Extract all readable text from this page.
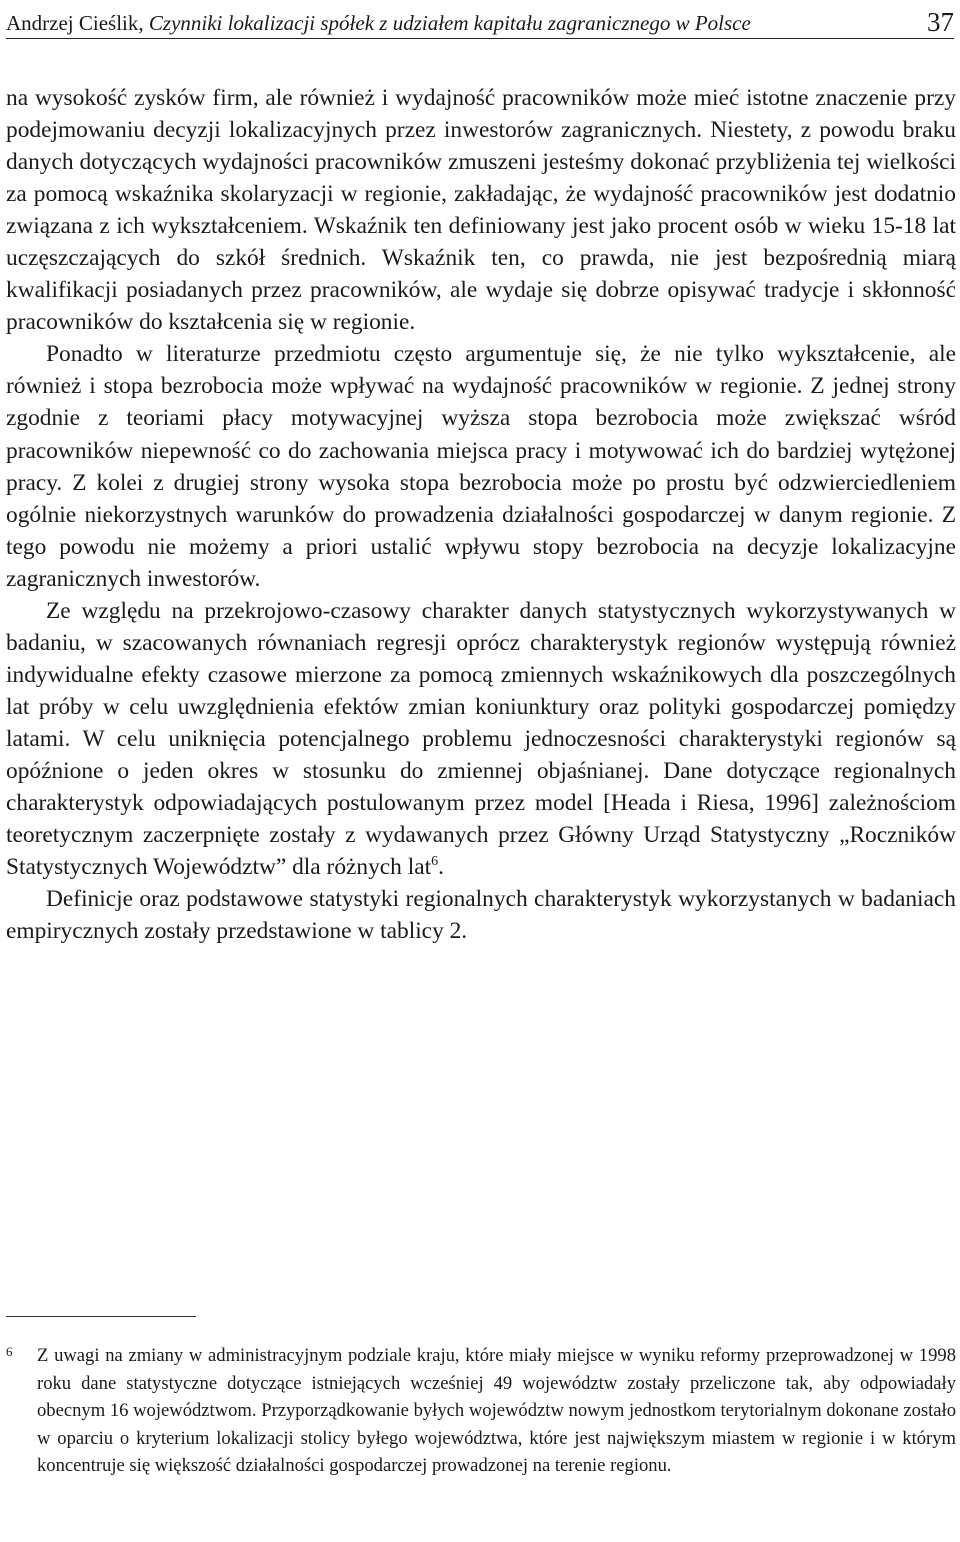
Andrzej Cieślik, Czynniki lokalizacji spółek z udziałem kapitału zagranicznego w Polsce	37

na wysokość zysków firm, ale również i wydajność pracowników może mieć istotne znaczenie przy podejmowaniu decyzji lokalizacyjnych przez inwestorów zagranicznych. Niestety, z powodu braku danych dotyczących wydajności pracowników zmuszeni jesteśmy dokonać przybliżenia tej wielkości za pomocą wskaźnika skolaryzacji w regionie, zakładając, że wydajność pracowników jest dodatnio związana z ich wykształceniem. Wskaźnik ten definiowany jest jako procent osób w wieku 15-18 lat uczęszczających do szkół średnich. Wskaźnik ten, co prawda, nie jest bezpośrednią miarą kwalifikacji posiadanych przez pracowników, ale wydaje się dobrze opisywać tradycje i skłonność pracowników do kształcenia się w regionie.

Ponadto w literaturze przedmiotu często argumentuje się, że nie tylko wykształcenie, ale również i stopa bezrobocia może wpływać na wydajność pracowników w regionie. Z jednej strony zgodnie z teoriami płacy motywacyjnej wyższa stopa bezrobocia może zwiększać wśród pracowników niepewność co do zachowania miejsca pracy i motywować ich do bardziej wytężonej pracy. Z kolei z drugiej strony wysoka stopa bezrobocia może po prostu być odzwierciedleniem ogólnie niekorzystnych warunków do prowadzenia działalności gospodarczej w danym regionie. Z tego powodu nie możemy a priori ustalić wpływu stopy bezrobocia na decyzje lokalizacyjne zagranicznych inwestorów.

Ze względu na przekrojowo-czasowy charakter danych statystycznych wykorzystywanych w badaniu, w szacowanych równaniach regresji oprócz charakterystyk regionów występują również indywidualne efekty czasowe mierzone za pomocą zmiennych wskaźnikowych dla poszczególnych lat próby w celu uwzględnienia efektów zmian koniunktury oraz polityki gospodarczej pomiędzy latami. W celu uniknięcia potencjalnego problemu jednoczesności charakterystyki regionów są opóźnione o jeden okres w stosunku do zmiennej objaśnianej. Dane dotyczące regionalnych charakterystyk odpowiadających postulowanym przez model [Heada i Riesa, 1996] zależnościom teoretycznym zaczerpnięte zostały z wydawanych przez Główny Urząd Statystyczny „Roczników Statystycznych Województw” dla różnych lat$^6$.

Definicje oraz podstawowe statystyki regionalnych charakterystyk wykorzystanych w badaniach empirycznych zostały przedstawione w tablicy 2.

6 Z uwagi na zmiany w administracyjnym podziale kraju, które miały miejsce w wyniku reformy przeprowadzonej w 1998 roku dane statystyczne dotyczące istniejących wcześniej 49 województw zostały przeliczone tak, aby odpowiadały obecnym 16 województwom. Przyporządkowanie byłych województw nowym jednostkom terytorialnym dokonane zostało w oparciu o kryterium lokalizacji stolicy byłego województwa, które jest największym miastem w regionie i w którym koncentruje się większość działalności gospodarczej prowadzonej na terenie regionu.
